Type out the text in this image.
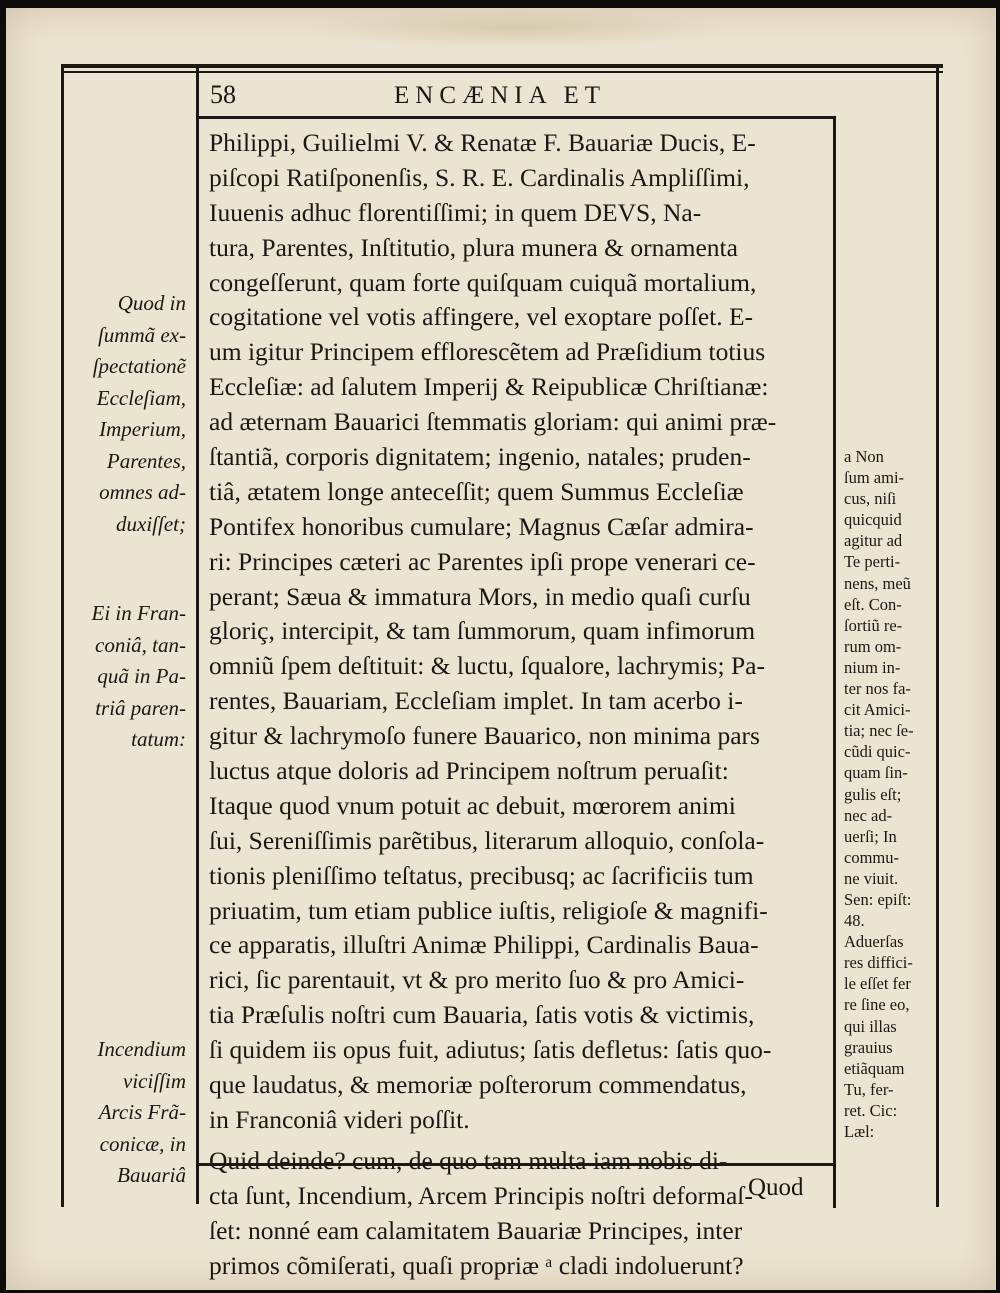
58	ENCÆNIA ET
Philippi, Guilielmi V. & Renatæ F. Bauariæ Ducis, E-
piſcopi Ratiſponenſis, S. R. E. Cardinalis Ampliſſimi,
Iuuenis adhuc florentiſſimi; in quem DEVS, Na-
tura, Parentes, Inſtitutio, plura munera & ornamenta
congeſſerunt, quam forte quiſquam cuiquã mortalium,
cogitatione vel votis affingere, vel exoptare poſſet. E-
um igitur Principem efflorescẽtem ad Præſidium totius
Eccleſiæ: ad ſalutem Imperij & Reipublicæ Chriſtianæ:
ad æternam Bauarici ſtemmatis gloriam: qui animi præ-
ſtantiã, corporis dignitatem; ingenio, natales; pruden-
tiâ, ætatem longe anteceſſit; quem Summus Eccleſiæ
Pontifex honoribus cumulare; Magnus Cæſar admira-
ri: Principes cæteri ac Parentes ipſi prope venerari ce-
perant; Sæua & immatura Mors, in medio quaſi curſu
gloriç, intercipit, & tam ſummorum, quam infimorum
omniũ ſpem deſtituit: & luctu, ſqualore, lachrymis; Pa-
rentes, Bauariam, Eccleſiam implet. In tam acerbo i-
gitur & lachrymoſo funere Bauarico, non minima pars
luctus atque doloris ad Principem noſtrum peruaſit:
Itaque quod vnum potuit ac debuit, mœrorem animi
ſui, Sereniſſimis parẽtibus, literarum alloquio, conſola-
tionis pleniſſimo teſtatus, precibusq; ac ſacrificiis tum
priuatim, tum etiam publice iuſtis, religioſe & magnifi-
ce apparatis, illuſtri Animæ Philippi, Cardinalis Baua-
rici, ſic parentauit, vt & pro merito ſuo & pro Amici-
tia Præſulis noſtri cum Bauaria, ſatis votis & victimis,
ſi quidem iis opus fuit, adiutus; ſatis defletus: ſatis quo-
que laudatus, & memoriæ poſterorum commendatus,
in Franconiâ videri poſſit.
Quid deinde? cum, de quo tam multa iam nobis di-
cta ſunt, Incendium, Arcem Principis noſtri deformaſ-
ſet: nonné eam calamitatem Bauariæ Principes, inter
primos cõmiſerati, quaſi propriæ ᵃ cladi indoluerunt?
Quod
Quod in
ſummã ex-
ſpectationẽ
Eccleſiam,
Imperium,
Parentes,
omnes ad-
duxiſſet;
Ei in Fran-
coniâ, tan-
quã in Pa-
triâ paren-
tatum:
Incendium
viciſſim
Arcis Frã-
conicæ, in
Bauariâ
a Non
ſum ami-
cus, niſi
quicquid
agitur ad
Te perti-
nens, meũ
eſt. Con-
ſortiũ re-
rum om-
nium in-
ter nos fa-
cit Amici-
tia; nec ſe-
cũdi quic-
quam ſin-
gulis eſt;
nec ad-
uerſi; In
commu-
ne viuit.
Sen: epiſt:
48.
Aduerſas
res diffici-
le eſſet fer
re ſine eo,
qui illas
grauius
etiãquam
Tu, fer-
ret. Cic:
Læl:
